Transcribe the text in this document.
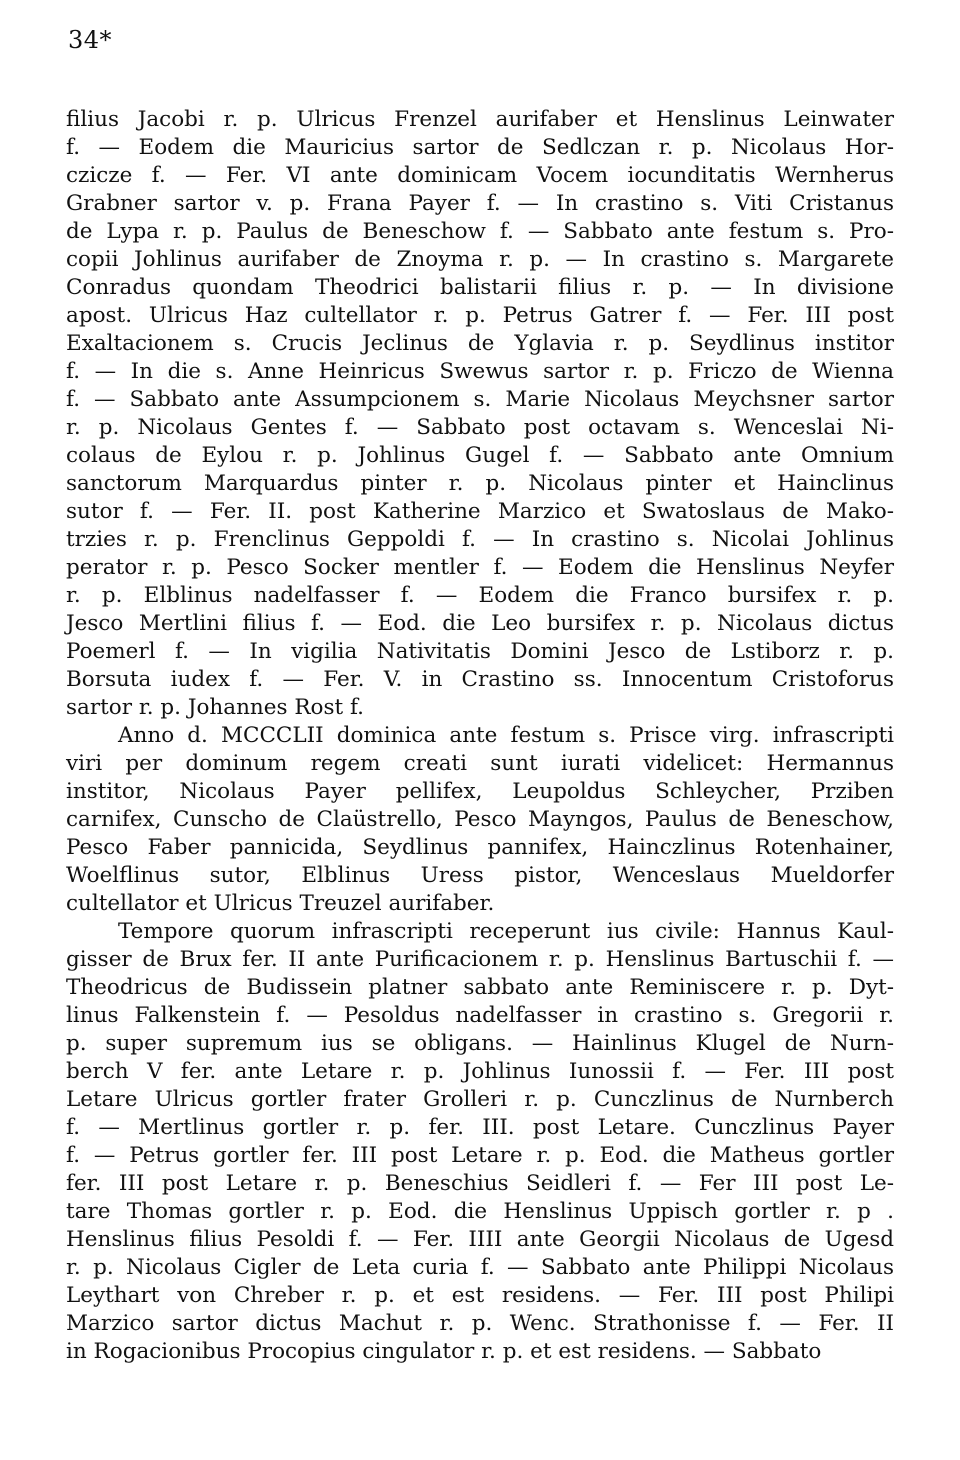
34*
filius Jacobi r. p. Ulricus Frenzel aurifaber et Henslinus Leinwater
f. — Eodem die Mauricius sartor de Sedlczan r. p. Nicolaus Hor-
czicze f. — Fer. VI ante dominicam Vocem iocunditatis Wernherus
Grabner sartor v. p. Frana Payer f. — In crastino s. Viti Cristanus
de Lypa r. p. Paulus de Beneschow f. — Sabbato ante festum s. Pro-
copii Johlinus aurifaber de Znoyma r. p. — In crastino s. Margarete
Conradus quondam Theodrici balistarii filius r. p. — In divisione
apost. Ulricus Haz cultellator r. p. Petrus Gatrer f. — Fer. III post
Exaltacionem s. Crucis Jeclinus de Yglavia r. p. Seydlinus institor
f. — In die s. Anne Heinricus Swewus sartor r. p. Friczo de Wienna
f. — Sabbato ante Assumpcionem s. Marie Nicolaus Meychsner sartor
r. p. Nicolaus Gentes f. — Sabbato post octavam s. Wenceslai Ni-
colaus de Eylou r. p. Johlinus Gugel f. — Sabbato ante Omnium
sanctorum Marquardus pinter r. p. Nicolaus pinter et Hainclinus
sutor f. — Fer. II. post Katherine Marzico et Swatoslaus de Mako-
trzies r. p. Frenclinus Geppoldi f. — In crastino s. Nicolai Johlinus
perator r. p. Pesco Socker mentler f. — Eodem die Henslinus Neyfer
r. p. Elblinus nadelfasser f. — Eodem die Franco bursifex r. p.
Jesco Mertlini filius f. — Eod. die Leo bursifex r. p. Nicolaus dictus
Poemerl f. — In vigilia Nativitatis Domini Jesco de Lstiborz r. p.
Borsuta iudex f. — Fer. V. in Crastino ss. Innocentum Cristoforus
sartor r. p. Johannes Rost f.
Anno d. MCCCLII dominica ante festum s. Prisce virg. infrascripti
viri per dominum regem creati sunt iurati videlicet: Hermannus
institor, Nicolaus Payer pellifex, Leupoldus Schleycher, Prziben
carnifex, Cunscho de Claüstrello, Pesco Mayngos, Paulus de Beneschow,
Pesco Faber pannicida, Seydlinus pannifex, Hainczlinus Rotenhainer,
Woelflinus sutor, Elblinus Uress pistor, Wenceslaus Mueldorfer
cultellator et Ulricus Treuzel aurifaber.
Tempore quorum infrascripti receperunt ius civile: Hannus Kaul-
gisser de Brux fer. II ante Purificacionem r. p. Henslinus Bartuschii f. —
Theodricus de Budissein platner sabbato ante Reminiscere r. p. Dyt-
linus Falkenstein f. — Pesoldus nadelfasser in crastino s. Gregorii r.
p. super supremum ius se obligans. — Hainlinus Klugel de Nurn-
berch V fer. ante Letare r. p. Johlinus Iunossii f. — Fer. III post
Letare Ulricus gortler frater Grolleri r. p. Cunczlinus de Nurnberch
f. — Mertlinus gortler r. p. fer. III. post Letare. Cunczlinus Payer
f. — Petrus gortler fer. III post Letare r. p. Eod. die Matheus gortler
fer. III post Letare r. p. Beneschius Seidleri f. — Fer III post Le-
tare Thomas gortler r. p. Eod. die Henslinus Uppisch gortler r. p .
Henslinus filius Pesoldi f. — Fer. IIII ante Georgii Nicolaus de Ugesd
r. p. Nicolaus Cigler de Leta curia f. — Sabbato ante Philippi Nicolaus
Leythart von Chreber r. p. et est residens. — Fer. III post Philipi
Marzico sartor dictus Machut r. p. Wenc. Strathonisse f. — Fer. II
in Rogacionibus Procopius cingulator r. p. et est residens. — Sabbato
